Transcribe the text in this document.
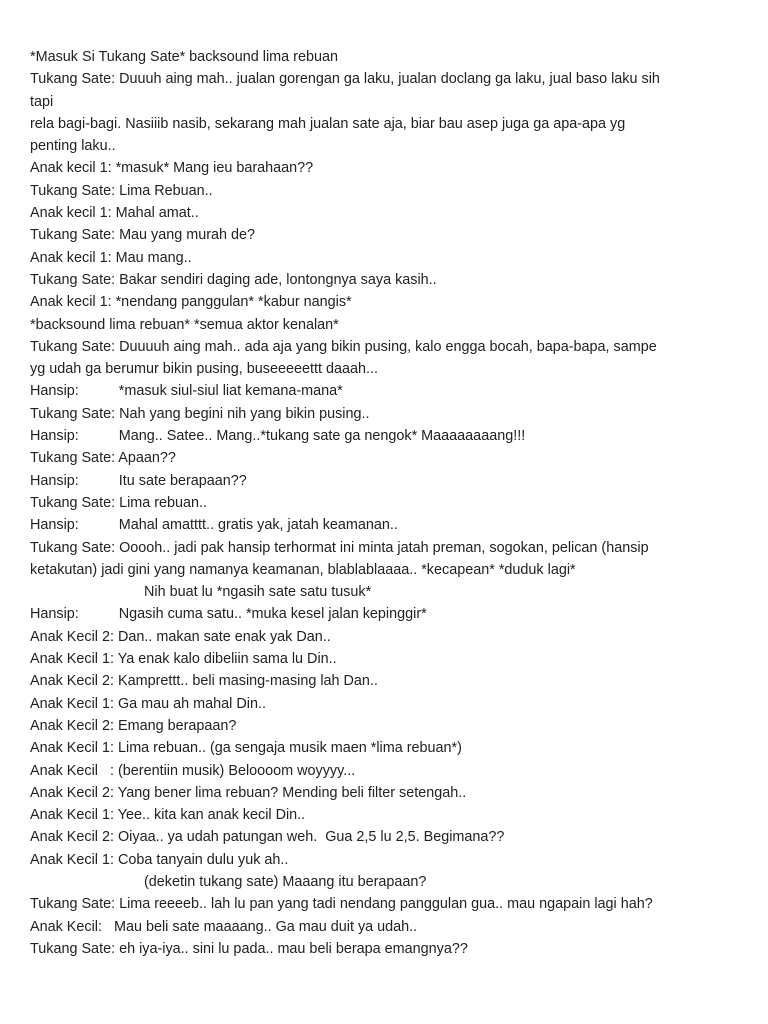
*Masuk Si Tukang Sate* backsound lima rebuan
Tukang Sate: Duuuh aing mah.. jualan gorengan ga laku, jualan doclang ga laku, jual baso laku sih
tapi
rela bagi-bagi. Nasiiib nasib, sekarang mah jualan sate aja, biar bau asep juga ga apa-apa yg
penting laku..
Anak kecil 1: *masuk* Mang ieu barahaan??
Tukang Sate: Lima Rebuan..
Anak kecil 1: Mahal amat..
Tukang Sate: Mau yang murah de?
Anak kecil 1: Mau mang..
Tukang Sate: Bakar sendiri daging ade, lontongnya saya kasih..
Anak kecil 1: *nendang panggulan* *kabur nangis*
*backsound lima rebuan* *semua aktor kenalan*
Tukang Sate: Duuuuh aing mah.. ada aja yang bikin pusing, kalo engga bocah, bapa-bapa, sampe
yg udah ga berumur bikin pusing, buseeeeettt daaah...
Hansip:          *masuk siul-siul liat kemana-mana*
Tukang Sate: Nah yang begini nih yang bikin pusing..
Hansip:          Mang.. Satee.. Mang..*tukang sate ga nengok* Maaaaaaaang!!!
Tukang Sate: Apaan??
Hansip:          Itu sate berapaan??
Tukang Sate: Lima rebuan..
Hansip:          Mahal amatttt.. gratis yak, jatah keamanan..
Tukang Sate: Ooooh.. jadi pak hansip terhormat ini minta jatah preman, sogokan, pelican (hansip
ketakutan) jadi gini yang namanya keamanan, blablablaaaa.. *kecapean* *duduk lagi*
Nih buat lu *ngasih sate satu tusuk*
Hansip:          Ngasih cuma satu.. *muka kesel jalan kepinggir*
Anak Kecil 2: Dan.. makan sate enak yak Dan..
Anak Kecil 1: Ya enak kalo dibeliin sama lu Din..
Anak Kecil 2: Kamprettt.. beli masing-masing lah Dan..
Anak Kecil 1: Ga mau ah mahal Din..
Anak Kecil 2: Emang berapaan?
Anak Kecil 1: Lima rebuan.. (ga sengaja musik maen *lima rebuan*)
Anak Kecil   : (berentiin musik) Beloooom woyyyy...
Anak Kecil 2: Yang bener lima rebuan? Mending beli filter setengah..
Anak Kecil 1: Yee.. kita kan anak kecil Din..
Anak Kecil 2: Oiyaa.. ya udah patungan weh.  Gua 2,5 lu 2,5. Begimana??
Anak Kecil 1: Coba tanyain dulu yuk ah..
(deketin tukang sate) Maaang itu berapaan?
Tukang Sate: Lima reeeeb.. lah lu pan yang tadi nendang panggulan gua.. mau ngapain lagi hah?
Anak Kecil:   Mau beli sate maaaang.. Ga mau duit ya udah..
Tukang Sate: eh iya-iya.. sini lu pada.. mau beli berapa emangnya??
